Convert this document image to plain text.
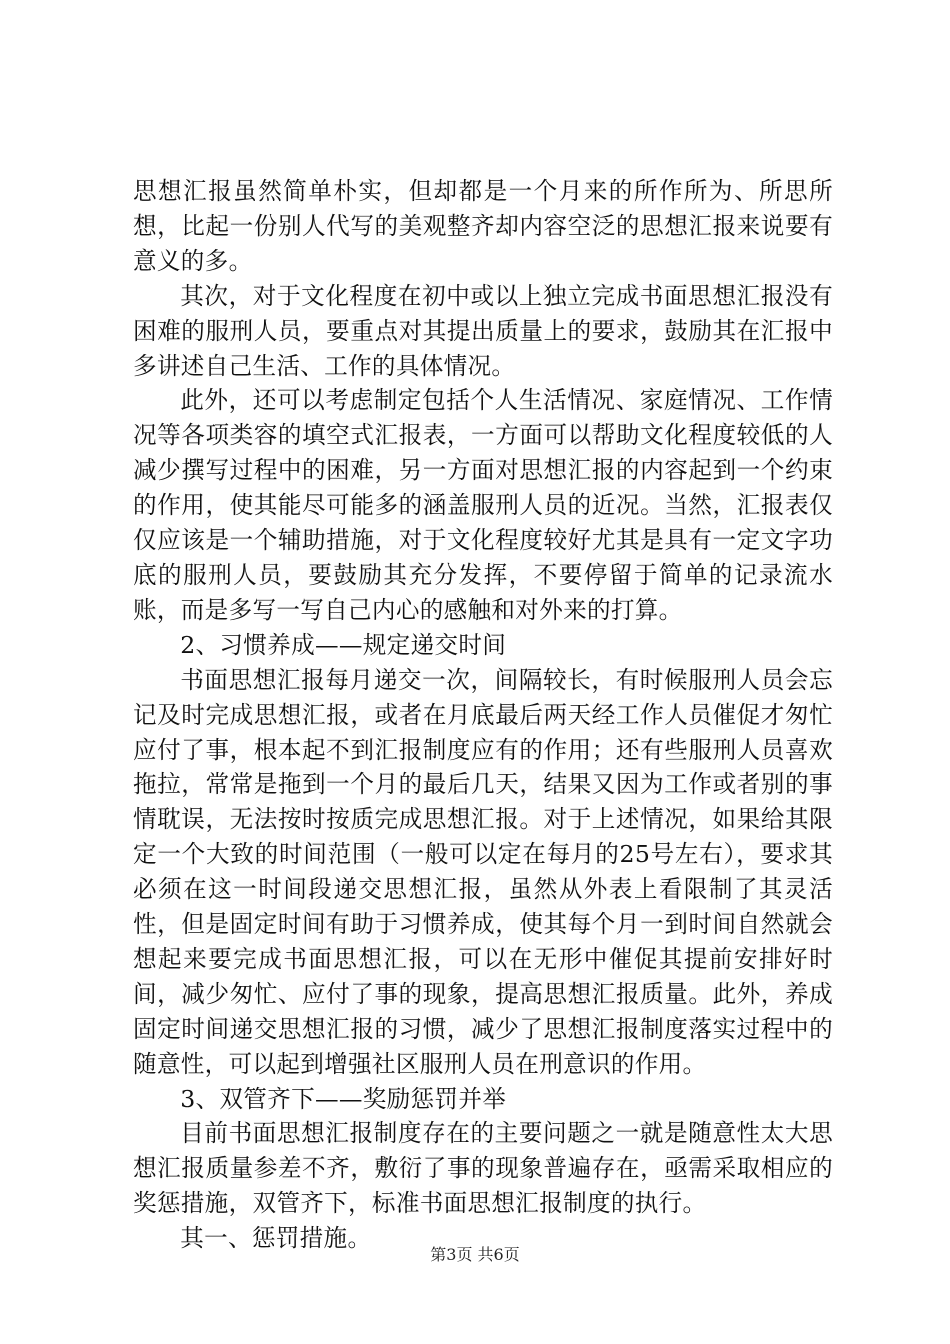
思想汇报虽然简单朴实，但却都是一个月来的所作所为、所思所想，比起一份别人代写的美观整齐却内容空泛的思想汇报来说要有意义的多。

其次，对于文化程度在初中或以上独立完成书面思想汇报没有困难的服刑人员，要重点对其提出质量上的要求，鼓励其在汇报中多讲述自己生活、工作的具体情况。

此外，还可以考虑制定包括个人生活情况、家庭情况、工作情况等各项类容的填空式汇报表，一方面可以帮助文化程度较低的人减少撰写过程中的困难，另一方面对思想汇报的内容起到一个约束的作用，使其能尽可能多的涵盖服刑人员的近况。当然，汇报表仅仅应该是一个辅助措施，对于文化程度较好尤其是具有一定文字功底的服刑人员，要鼓励其充分发挥，不要停留于简单的记录流水账，而是多写一写自己内心的感触和对外来的打算。

2、习惯养成——规定递交时间

书面思想汇报每月递交一次，间隔较长，有时候服刑人员会忘记及时完成思想汇报，或者在月底最后两天经工作人员催促才匆忙应付了事，根本起不到汇报制度应有的作用；还有些服刑人员喜欢拖拉，常常是拖到一个月的最后几天，结果又因为工作或者别的事情耽误，无法按时按质完成思想汇报。对于上述情况，如果给其限定一个大致的时间范围（一般可以定在每月的25号左右），要求其必须在这一时间段递交思想汇报，虽然从外表上看限制了其灵活性，但是固定时间有助于习惯养成，使其每个月一到时间自然就会想起来要完成书面思想汇报，可以在无形中催促其提前安排好时间，减少匆忙、应付了事的现象，提高思想汇报质量。此外，养成固定时间递交思想汇报的习惯，减少了思想汇报制度落实过程中的随意性，可以起到增强社区服刑人员在刑意识的作用。

3、双管齐下——奖励惩罚并举

目前书面思想汇报制度存在的主要问题之一就是随意性太大思想汇报质量参差不齐，敷衍了事的现象普遍存在，亟需采取相应的奖惩措施，双管齐下，标准书面思想汇报制度的执行。

其一、惩罚措施。

第3页 共6页
